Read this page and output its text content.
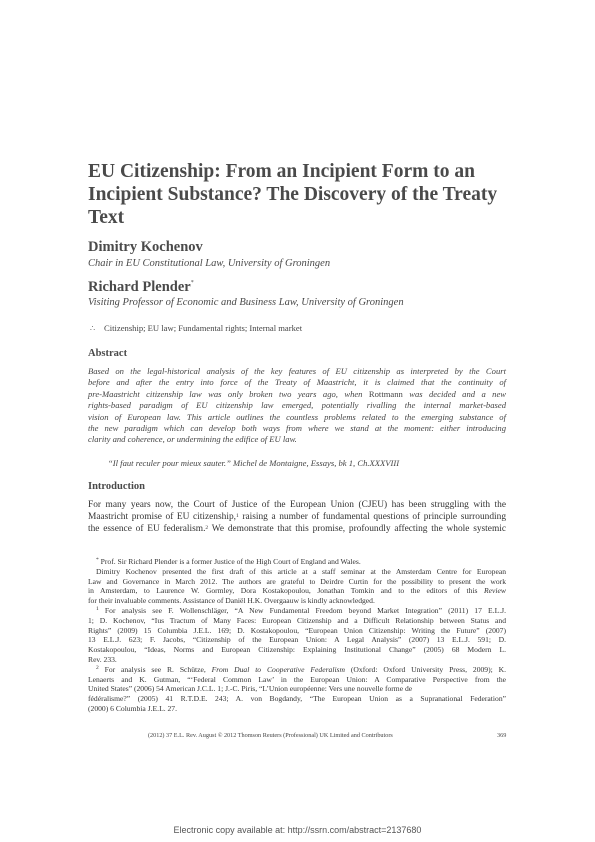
EU Citizenship: From an Incipient Form to an
Incipient Substance? The Discovery of the Treaty
Text
Dimitry Kochenov
Chair in EU Constitutional Law, University of Groningen
Richard Plender*
Visiting Professor of Economic and Business Law, University of Groningen
∴ Citizenship; EU law; Fundamental rights; Internal market
Abstract
Based on the legal-historical analysis of the key features of EU citizenship as interpreted by the Court
before and after the entry into force of the Treaty of Maastricht, it is claimed that the continuity of
pre-Maastricht citizenship law was only broken two years ago, when Rottmann was decided and a new
rights-based paradigm of EU citizenship law emerged, potentially rivalling the internal market-based
vision of European law. This article outlines the countless problems related to the emerging substance of
the new paradigm which can develop both ways from where we stand at the moment: either introducing
clarity and coherence, or undermining the edifice of EU law.
“Il faut reculer pour mieux sauter.” Michel de Montaigne, Essays, bk 1, Ch.XXXVIII
Introduction
For many years now, the Court of Justice of the European Union (CJEU) has been struggling with the
Maastricht promise of EU citizenship,$^1$ raising a number of fundamental questions of principle surrounding
the essence of EU federalism.$^2$ We demonstrate that this promise, profoundly affecting the whole systemic
* Prof. Sir Richard Plender is a former Justice of the High Court of England and Wales.
Dimitry Kochenov presented the first draft of this article at a staff seminar at the Amsterdam Centre for European
Law and Governance in March 2012. The authors are grateful to Deirdre Curtin for the possibility to present the work
in Amsterdam, to Laurence W. Gormley, Dora Kostakopoulou, Jonathan Tomkin and to the editors of this Review
for their invaluable comments. Assistance of Daniël H.K. Overgaauw is kindly acknowledged.
$^1$ For analysis see F. Wollenschläger, “A New Fundamental Freedom beyond Market Integration” (2011) 17 E.L.J.
1; D. Kochenov, “Ius Tractum of Many Faces: European Citizenship and a Difficult Relationship between Status and
Rights” (2009) 15 Columbia J.E.L. 169; D. Kostakopoulou, “European Union Citizenship: Writing the Future” (2007)
13 E.L.J. 623; F. Jacobs, “Citizenship of the European Union: A Legal Analysis” (2007) 13 E.L.J. 591; D.
Kostakopoulou, “Ideas, Norms and European Citizenship: Explaining Institutional Change” (2005) 68 Modern L.
Rev. 233.
$^2$ For analysis see R. Schütze, From Dual to Cooperative Federalism (Oxford: Oxford University Press, 2009); K.
Lenaerts and K. Gutman, “‘Federal Common Law’ in the European Union: A Comparative Perspective from the
United States” (2006) 54 American J.C.L. 1; J.-C. Piris, “L’Union européenne: Vers une nouvelle forme de
fédéralisme?” (2005) 41 R.T.D.E. 243; A. von Bogdandy, “The European Union as a Supranational Federation”
(2000) 6 Columbia J.E.L. 27.
(2012) 37 E.L. Rev. August © 2012 Thomson Reuters (Professional) UK Limited and Contributors	369
Electronic copy available at: http://ssrn.com/abstract=2137680
